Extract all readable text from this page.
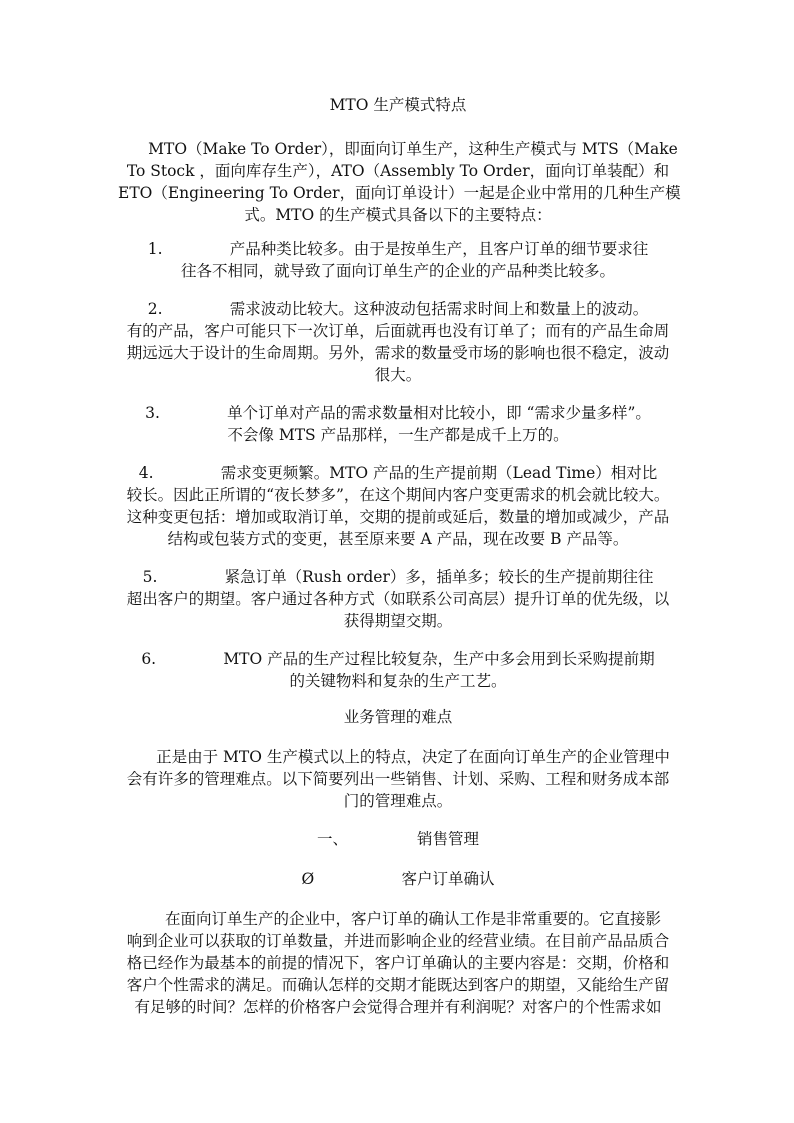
MTO 生产模式特点
MTO（Make To Order），即面向订单生产，这种生产模式与 MTS（Make
To Stock ，面向库存生产），ATO（Assembly To Order，面向订单装配）和
ETO（Engineering To Order，面向订单设计）一起是企业中常用的几种生产模
式。MTO 的生产模式具备以下的主要特点：
1.	产品种类比较多。由于是按单生产，且客户订单的细节要求往
往各不相同，就导致了面向订单生产的企业的产品种类比较多。
2.	需求波动比较大。这种波动包括需求时间上和数量上的波动。
有的产品，客户可能只下一次订单，后面就再也没有订单了；而有的产品生命周
期远远大于设计的生命周期。另外，需求的数量受市场的影响也很不稳定，波动
很大。
3.	单个订单对产品的需求数量相对比较小，即 “需求少量多样”。
不会像 MTS 产品那样，一生产都是成千上万的。
4.	需求变更频繁。MTO 产品的生产提前期（Lead Time）相对比
较长。因此正所谓的“夜长梦多”，在这个期间内客户变更需求的机会就比较大。
这种变更包括：增加或取消订单，交期的提前或延后，数量的增加或减少，产品
结构或包装方式的变更，甚至原来要 A 产品，现在改要 B 产品等。
5.	紧急订单（Rush order）多，插单多；较长的生产提前期往往
超出客户的期望。客户通过各种方式（如联系公司高层）提升订单的优先级，以
获得期望交期。
6.	MTO 产品的生产过程比较复杂，生产中多会用到长采购提前期
的关键物料和复杂的生产工艺。
业务管理的难点
正是由于 MTO 生产模式以上的特点，决定了在面向订单生产的企业管理中
会有许多的管理难点。以下简要列出一些销售、计划、采购、工程和财务成本部
门的管理难点。
一、	销售管理
Ø	客户订单确认
在面向订单生产的企业中，客户订单的确认工作是非常重要的。它直接影
响到企业可以获取的订单数量，并进而影响企业的经营业绩。在目前产品品质合
格已经作为最基本的前提的情况下，客户订单确认的主要内容是：交期，价格和
客户个性需求的满足。而确认怎样的交期才能既达到客户的期望，又能给生产留
有足够的时间？怎样的价格客户会觉得合理并有利润呢？对客户的个性需求如
